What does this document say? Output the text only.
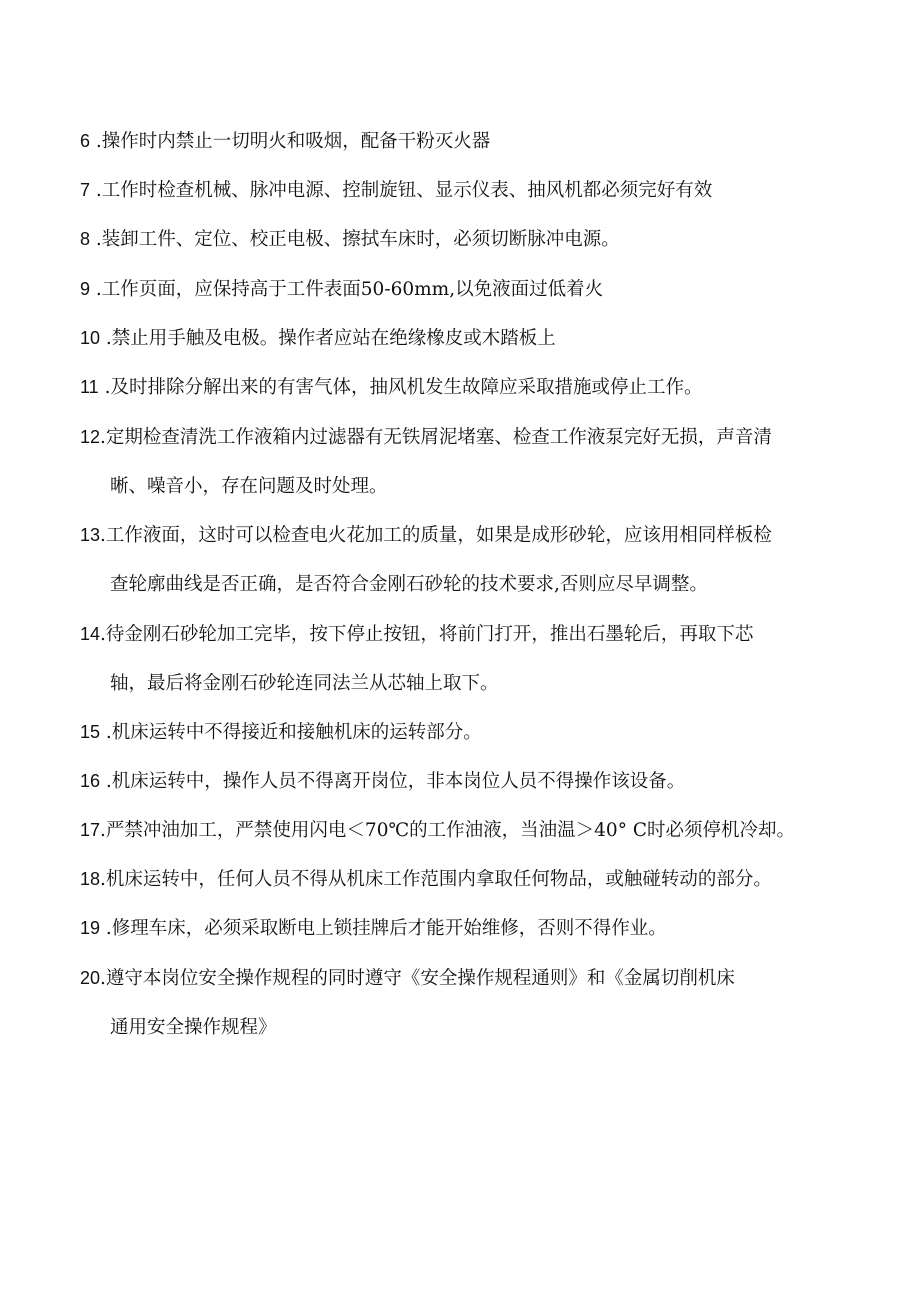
6 .操作时内禁止一切明火和吸烟，配备干粉灭火器
7 .工作时检查机械、脉冲电源、控制旋钮、显示仪表、抽风机都必须完好有效
8 .装卸工件、定位、校正电极、擦拭车床时，必须切断脉冲电源。
9 .工作页面，应保持高于工件表面50-60mm,以免液面过低着火
10 .禁止用手触及电极。操作者应站在绝缘橡皮或木踏板上
11 .及时排除分解出来的有害气体，抽风机发生故障应采取措施或停止工作。
12.定期检查清洗工作液箱内过滤器有无铁屑泥堵塞、检查工作液泵完好无损，声音清
晰、噪音小，存在问题及时处理。
13.工作液面，这时可以检查电火花加工的质量，如果是成形砂轮，应该用相同样板检
查轮廓曲线是否正确，是否符合金刚石砂轮的技术要求,否则应尽早调整。
14.待金刚石砂轮加工完毕，按下停止按钮，将前门打开，推出石墨轮后，再取下芯
轴，最后将金刚石砂轮连同法兰从芯轴上取下。
15 .机床运转中不得接近和接触机床的运转部分。
16 .机床运转中，操作人员不得离开岗位，非本岗位人员不得操作该设备。
17.严禁冲油加工，严禁使用闪电＜70℃的工作油液，当油温＞40° C时必须停机冷却。
18.机床运转中，任何人员不得从机床工作范围内拿取任何物品，或触碰转动的部分。
19 .修理车床，必须采取断电上锁挂牌后才能开始维修，否则不得作业。
20.遵守本岗位安全操作规程的同时遵守《安全操作规程通则》和《金属切削机床
通用安全操作规程》
